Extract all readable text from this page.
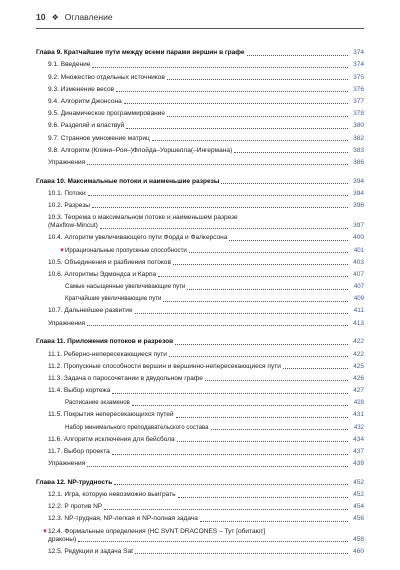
10 ❖ Оглавление
Глава 9. Кратчайшие пути между всеми парами вершин в графе	374
9.1. Введение	374
9.2. Множество отдельных источников	375
9.3. Изменение весов	376
9.4. Алгоритм Джонсона	377
9.5. Динамическое программирование	378
9.6. Разделяй и властвуй	380
9.7. Странное умножение матриц	382
9.8. Алгоритм (Клини–Роя–)Флойда–Уоршелла(–Ингермана)	383
Упражнения	386
Глава 10. Максимальные потоки и наименьшие разрезы	394
10.1. Потоки	394
10.2. Разрезы	396
10.3. Теорема о максимальном потоке и наименьшем разрезе
(Maxflow-Mincut)	397
10.4. Алгоритм увеличивающего пути Форда и Фалкерсона	400
▼ Иррациональные пропускные способности	401
10.5. Объединения и разбиения потоков	403
10.6. Алгоритмы Эдмондса и Карпа	407
Самые насыщенные увеличивающие пути	407
Кратчайшие увеличивающие пути	409
10.7. Дальнейшее развитие	411
Упражнения	413
Глава 11. Приложения потоков и разрезов	422
11.1. Реберно-непересекающиеся пути	422
11.2. Пропускные способности вершин и вершинно-непересекающиеся пути	425
11.3. Задача о паросочетании в двудольном графе	426
11.4. Выбор кортежа	427
Расписание экзаменов	428
11.5. Покрытия непересекающихся путей	431
Набор минимального преподавательского состава	432
11.6. Алгоритм исключения для бейсбола	434
11.7. Выбор проекта	437
Упражнения	439
Глава 12. NP-трудность	452
12.1. Игра, которую невозможно выиграть	452
12.2. P против NP	454
12.3. NP-трудная, NP-легкая и NP-полная задача	456
▼ 12.4. Формальные определения (НС SVNT DRACONES – Тут [обитают]
драконы)	458
12.5. Редукции и задача Sat	460
